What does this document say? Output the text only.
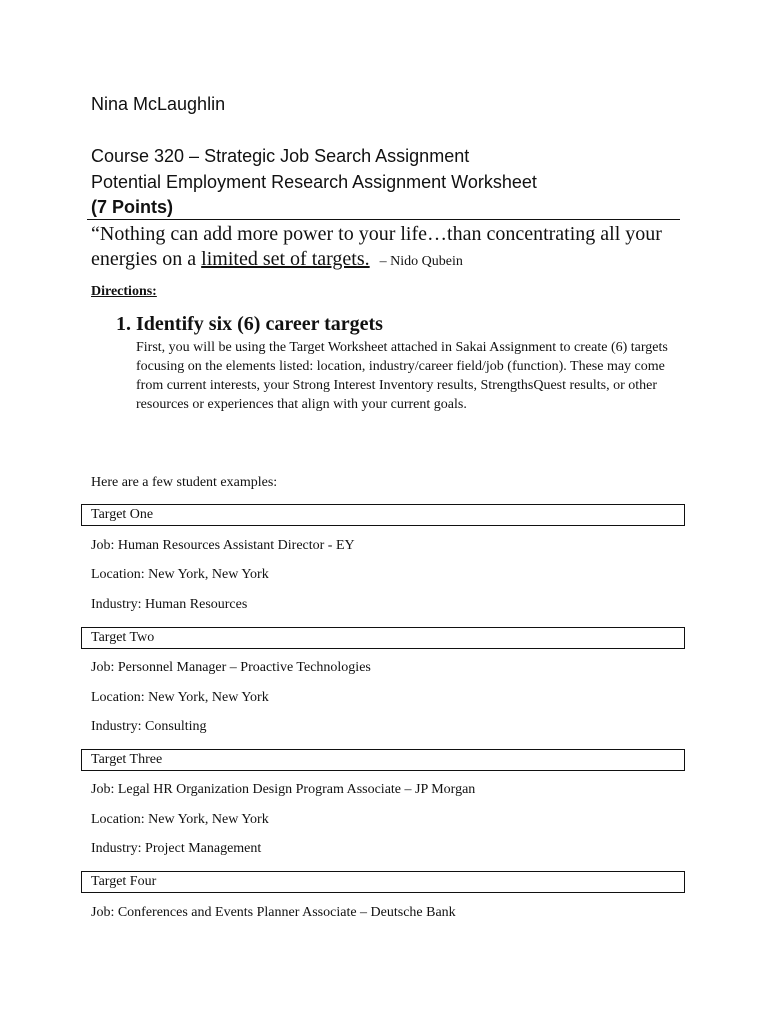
Nina McLaughlin
Course 320 – Strategic Job Search Assignment
Potential Employment Research Assignment Worksheet
(7 Points)
“Nothing can add more power to your life…than concentrating all your energies on a limited set of targets. – Nido Qubein
Directions:
1. Identify six (6) career targets
First, you will be using the Target Worksheet attached in Sakai Assignment to create (6) targets focusing on the elements listed: location, industry/career field/job (function). These may come from current interests, your Strong Interest Inventory results, StrengthsQuest results, or other resources or experiences that align with your current goals.
Here are a few student examples:
Target One
Job: Human Resources Assistant Director - EY
Location: New York, New York
Industry: Human Resources
Target Two
Job: Personnel Manager – Proactive Technologies
Location: New York, New York
Industry: Consulting
Target Three
Job: Legal HR Organization Design Program Associate – JP Morgan
Location: New York, New York
Industry: Project Management
Target Four
Job: Conferences and Events Planner Associate – Deutsche Bank
